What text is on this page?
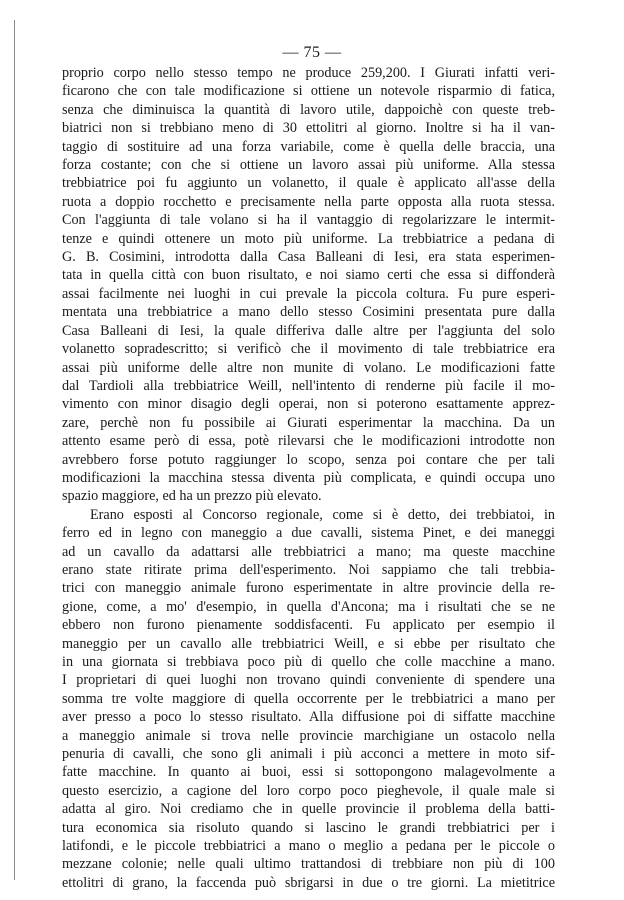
— 75 —

proprio corpo nello stesso tempo ne produce 259,200. I Giurati infatti veri-

ficarono che con tale modificazione si ottiene un notevole risparmio di fatica,

senza che diminuisca la quantità di lavoro utile, dappoichè con queste treb-

biatrici non si trebbiano meno di 30 ettolitri al giorno. Inoltre si ha il van-

taggio di sostituire ad una forza variabile, come è quella delle braccia, una

forza costante; con che si ottiene un lavoro assai più uniforme. Alla stessa

trebbiatrice poi fu aggiunto un volanetto, il quale è applicato all'asse della

ruota a doppio rocchetto e precisamente nella parte opposta alla ruota stessa.

Con l'aggiunta di tale volano si ha il vantaggio di regolarizzare le intermit-

tenze e quindi ottenere un moto più uniforme. La trebbiatrice a pedana di

G. B. Cosimini, introdotta dalla Casa Balleani di Iesi, era stata esperimen-

tata in quella città con buon risultato, e noi siamo certi che essa si diffonderà

assai facilmente nei luoghi in cui prevale la piccola coltura. Fu pure esperi-

mentata una trebbiatrice a mano dello stesso Cosimini presentata pure dalla

Casa Balleani di Iesi, la quale differiva dalle altre per l'aggiunta del solo

volanetto sopradescritto; si verificò che il movimento di tale trebbiatrice era

assai più uniforme delle altre non munite di volano. Le modificazioni fatte

dal Tardioli alla trebbiatrice Weill, nell'intento di renderne più facile il mo-

vimento con minor disagio degli operai, non si poterono esattamente apprez-

zare, perchè non fu possibile ai Giurati esperimentar la macchina. Da un

attento esame però di essa, potè rilevarsi che le modificazioni introdotte non

avrebbero forse potuto raggiunger lo scopo, senza poi contare che per tali

modificazioni la macchina stessa diventa più complicata, e quindi occupa uno

spazio maggiore, ed ha un prezzo più elevato.

Erano esposti al Concorso regionale, come si è detto, dei trebbiatoi, in

ferro ed in legno con maneggio a due cavalli, sistema Pinet, e dei maneggi

ad un cavallo da adattarsi alle trebbiatrici a mano; ma queste macchine

erano state ritirate prima dell'esperimento. Noi sappiamo che tali trebbia-

trici con maneggio animale furono esperimentate in altre provincie della re-

gione, come, a mo' d'esempio, in quella d'Ancona; ma i risultati che se ne

ebbero non furono pienamente soddisfacenti. Fu applicato per esempio il

maneggio per un cavallo alle trebbiatrici Weill, e si ebbe per risultato che

in una giornata si trebbiava poco più di quello che colle macchine a mano.

I proprietari di quei luoghi non trovano quindi conveniente di spendere una

somma tre volte maggiore di quella occorrente per le trebbiatrici a mano per

aver presso a poco lo stesso risultato. Alla diffusione poi di siffatte macchine

a maneggio animale si trova nelle provincie marchigiane un ostacolo nella

penuria di cavalli, che sono gli animali i più acconci a mettere in moto sif-

fatte macchine. In quanto ai buoi, essi si sottopongono malagevolmente a

questo esercizio, a cagione del loro corpo poco pieghevole, il quale male si

adatta al giro. Noi crediamo che in quelle provincie il problema della batti-

tura economica sia risoluto quando si lascino le grandi trebbiatrici per i

latifondi, e le piccole trebbiatrici a mano o meglio a pedana per le piccole o

mezzane colonie; nelle quali ultimo trattandosi di trebbiare non più di 100

ettolitri di grano, la faccenda può sbrigarsi in due o tre giorni. La mietitrice
